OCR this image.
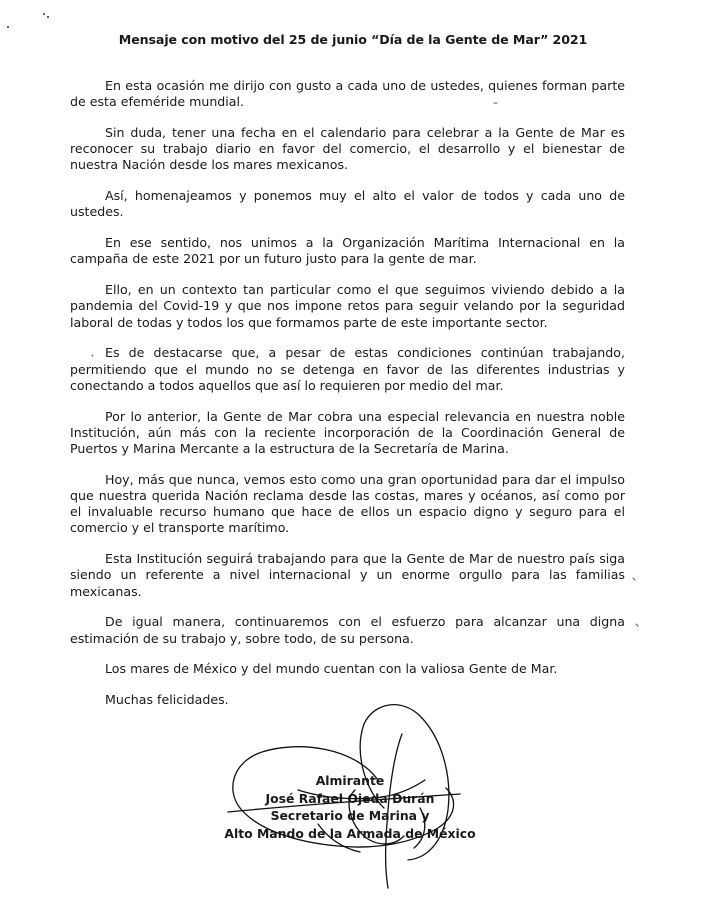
Mensaje con motivo del 25 de junio “Día de la Gente de Mar” 2021

En esta ocasión me dirijo con gusto a cada uno de ustedes, quienes forman parte de esta efeméride mundial.

Sin duda, tener una fecha en el calendario para celebrar a la Gente de Mar es reconocer su trabajo diario en favor del comercio, el desarrollo y el bienestar de nuestra Nación desde los mares mexicanos.

Así, homenajeamos y ponemos muy el alto el valor de todos y cada uno de ustedes.

En ese sentido, nos unimos a la Organización Marítima Internacional en la campaña de este 2021 por un futuro justo para la gente de mar.

Ello, en un contexto tan particular como el que seguimos viviendo debido a la pandemia del Covid-19 y que nos impone retos para seguir velando por la seguridad laboral de todas y todos los que formamos parte de este importante sector.

Es de destacarse que, a pesar de estas condiciones continúan trabajando, permitiendo que el mundo no se detenga en favor de las diferentes industrias y conectando a todos aquellos que así lo requieren por medio del mar.

Por lo anterior, la Gente de Mar cobra una especial relevancia en nuestra noble Institución, aún más con la reciente incorporación de la Coordinación General de Puertos y Marina Mercante a la estructura de la Secretaría de Marina.

Hoy, más que nunca, vemos esto como una gran oportunidad para dar el impulso que nuestra querida Nación reclama desde las costas, mares y océanos, así como por el invaluable recurso humano que hace de ellos un espacio digno y seguro para el comercio y el transporte marítimo.

Esta Institución seguirá trabajando para que la Gente de Mar de nuestro país siga siendo un referente a nivel internacional y un enorme orgullo para las familias mexicanas.

De igual manera, continuaremos con el esfuerzo para alcanzar una digna estimación de su trabajo y, sobre todo, de su persona.

Los mares de México y del mundo cuentan con la valiosa Gente de Mar.

Muchas felicidades.

Almirante
José Rafael Ojeda Durán
Secretario de Marina y
Alto Mando de la Armada de México
